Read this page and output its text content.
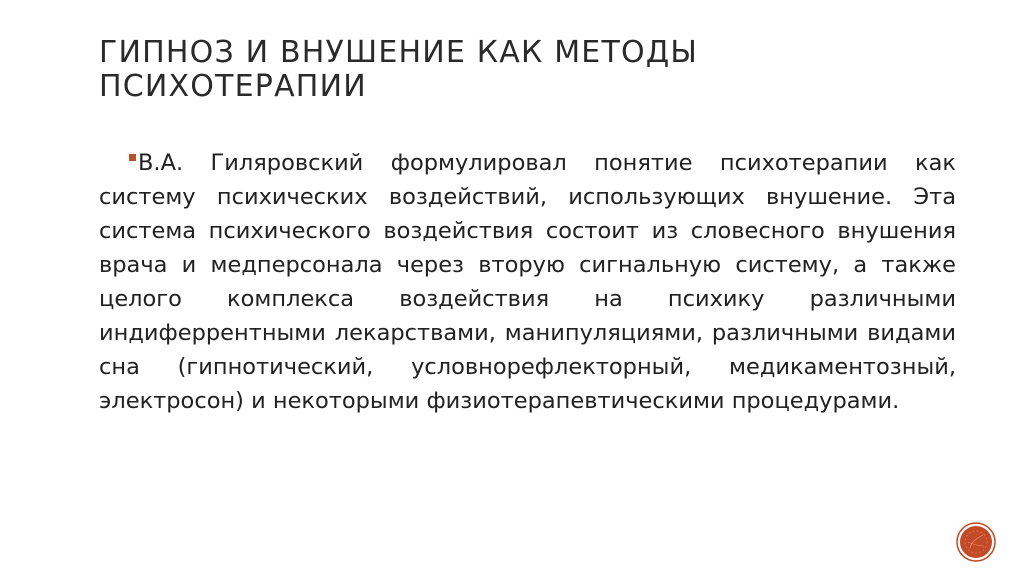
ГИПНОЗ И ВНУШЕНИЕ КАК МЕТОДЫ ПСИХОТЕРАПИИ

В.А. Гиляровский формулировал понятие психотерапии как систему психических воздействий, использующих внушение. Эта система психического воздействия состоит из словесного внушения врача и медперсонала через вторую сигнальную систему, а также целого комплекса воздействия на психику различными индиферрентными лекарствами, манипуляциями, различными видами сна (гипнотический, условнорефлекторный, медикаментозный, электросон) и некоторыми физиотерапевтическими процедурами.
